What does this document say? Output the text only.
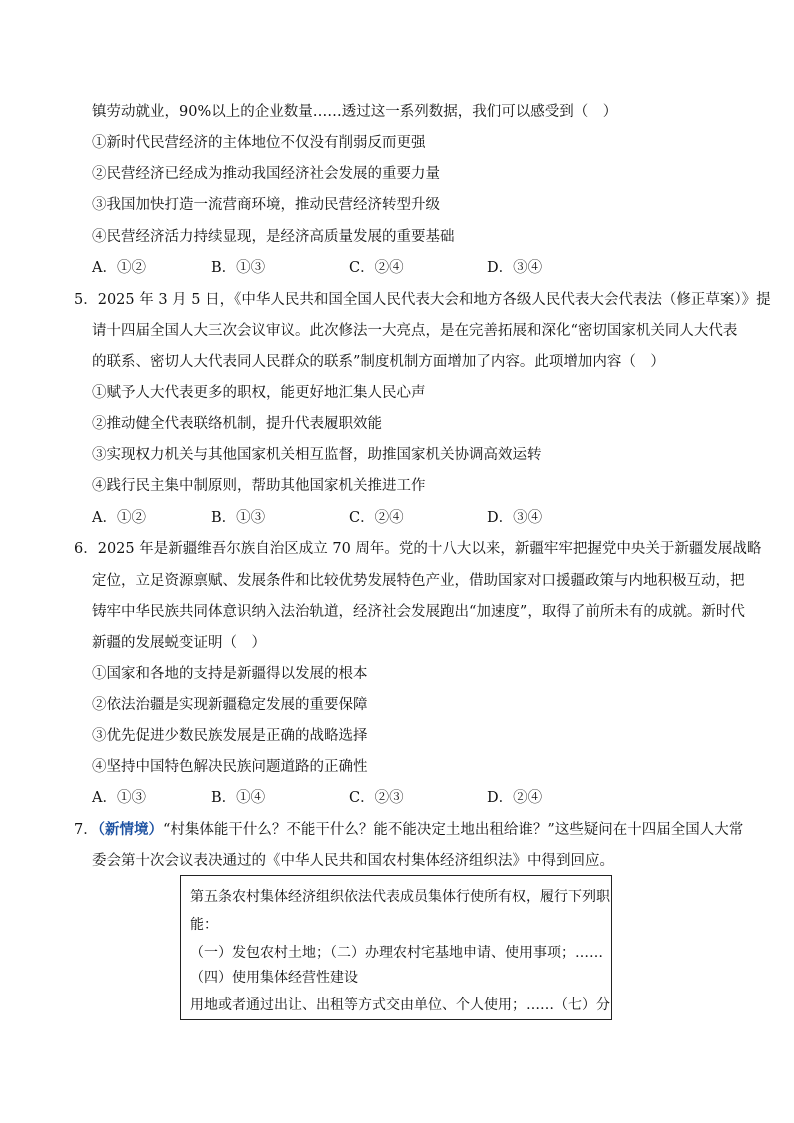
镇劳动就业，90%以上的企业数量……透过这一系列数据，我们可以感受到（　）
①新时代民营经济的主体地位不仅没有削弱反而更强
②民营经济已经成为推动我国经济社会发展的重要力量
③我国加快打造一流营商环境，推动民营经济转型升级
④民营经济活力持续显现，是经济高质量发展的重要基础
A．①②	B．①③	C．②④	D．③④
5．2025 年 3 月 5 日，《中华人民共和国全国人民代表大会和地方各级人民代表大会代表法（修正草案）》提
请十四届全国人大三次会议审议。此次修法一大亮点，是在完善拓展和深化“密切国家机关同人大代表
的联系、密切人大代表同人民群众的联系”制度机制方面增加了内容。此项增加内容（　）
①赋予人大代表更多的职权，能更好地汇集人民心声
②推动健全代表联络机制，提升代表履职效能
③实现权力机关与其他国家机关相互监督，助推国家机关协调高效运转
④践行民主集中制原则，帮助其他国家机关推进工作
A．①②	B．①③	C．②④	D．③④
6．2025 年是新疆维吾尔族自治区成立 70 周年。党的十八大以来，新疆牢牢把握党中央关于新疆发展战略
定位，立足资源禀赋、发展条件和比较优势发展特色产业，借助国家对口援疆政策与内地积极互动，把
铸牢中华民族共同体意识纳入法治轨道，经济社会发展跑出“加速度”，取得了前所未有的成就。新时代
新疆的发展蜕变证明（　）
①国家和各地的支持是新疆得以发展的根本
②依法治疆是实现新疆稳定发展的重要保障
③优先促进少数民族发展是正确的战略选择
④坚持中国特色解决民族问题道路的正确性
A．①③	B．①④	C．②③	D．②④
7．（新情境）“村集体能干什么？不能干什么？能不能决定土地出租给谁？”这些疑问在十四届全国人大常
委会第十次会议表决通过的《中华人民共和国农村集体经济组织法》中得到回应。
第五条农村集体经济组织依法代表成员集体行使所有权，履行下列职
能：
（一）发包农村土地；（二）办理农村宅基地申请、使用事项；……
（四）使用集体经营性建设
用地或者通过出让、出租等方式交由单位、个人使用；……（七）分
